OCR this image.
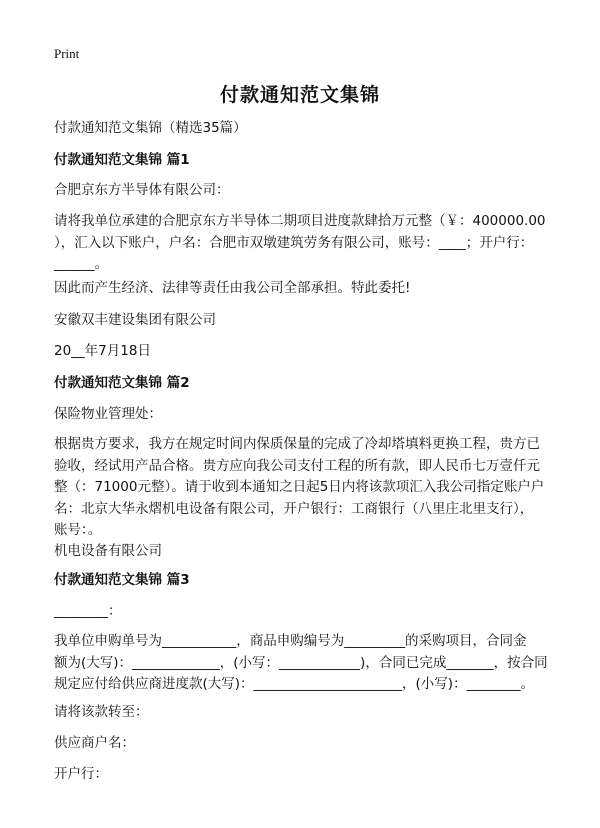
Print
付款通知范文集锦
付款通知范文集锦（精选35篇）
付款通知范文集锦 篇1
合肥京东方半导体有限公司：
请将我单位承建的合肥京东方半导体二期项目进度款肆拾万元整（￥：400000.00
），汇入以下账户，户名：合肥市双墩建筑劳务有限公司，账号：____；开户行：
______。
因此而产生经济、法律等责任由我公司全部承担。特此委托!
安徽双丰建设集团有限公司
20__年7月18日
付款通知范文集锦 篇2
保险物业管理处：
根据贵方要求，我方在规定时间内保质保量的完成了冷却塔填料更换工程，贵方已
验收，经试用产品合格。贵方应向我公司支付工程的所有款，即人民币七万壹仟元
整（：71000元整）。请于收到本通知之日起5日内将该款项汇入我公司指定账户户
名：北京大华永熠机电设备有限公司，开户银行：工商银行（八里庄北里支行），
账号：。
机电设备有限公司
付款通知范文集锦 篇3
________：
我单位申购单号为___________，商品申购编号为_________的采购项目，合同金
额为(大写)：_____________，(小写：____________)，合同已完成_______，按合同
规定应付给供应商进度款(大写)：______________________，(小写)：________。
请将该款转至：
供应商户名：
开户行：
